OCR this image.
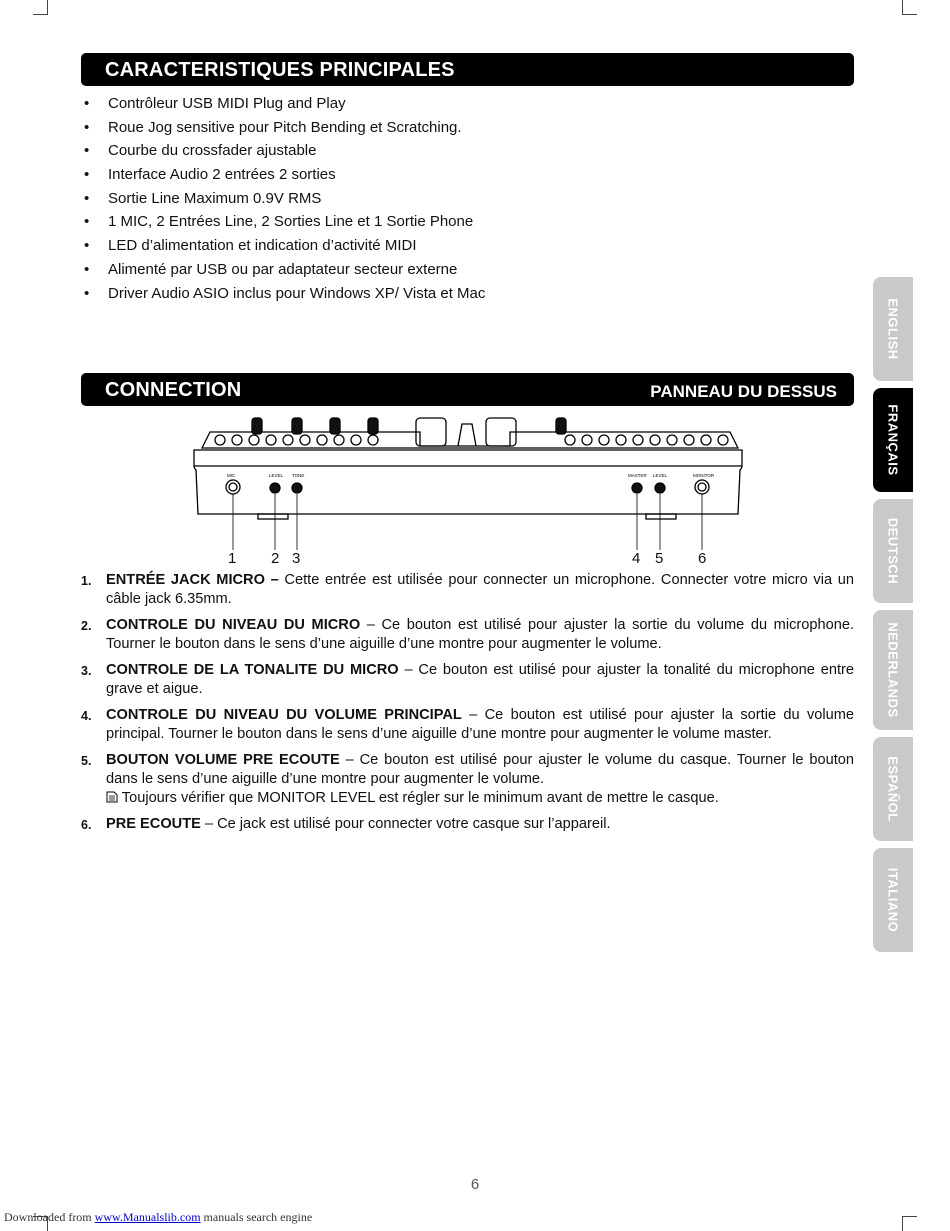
CARACTERISTIQUES PRINCIPALES
• Contrôleur USB MIDI Plug and Play
• Roue Jog sensitive pour Pitch Bending et Scratching.
• Courbe du crossfader ajustable
• Interface Audio 2 entrées 2 sorties
• Sortie Line Maximum 0.9V RMS
• 1 MIC, 2 Entrées Line, 2 Sorties Line et 1 Sortie Phone
• LED d’alimentation et indication d’activité MIDI
• Alimenté par USB ou par adaptateur secteur externe
• Driver Audio ASIO inclus pour Windows XP/ Vista et Mac
CONNECTION	PANNEAU DU DESSUS
MIC	LEVEL TONE	MASTER LEVEL	MONITOR
1 2 3	4 5 6
1. ENTRÉE JACK MICRO – Cette entrée est utilisée pour connecter un microphone. Connecter votre micro via un câble jack 6.35mm.
2. CONTROLE DU NIVEAU DU MICRO – Ce bouton est utilisé pour ajuster la sortie du volume du microphone. Tourner le bouton dans le sens d’une aiguille d’une montre pour augmenter le volume.
3. CONTROLE DE LA TONALITE DU MICRO – Ce bouton est utilisé pour ajuster la tonalité du microphone entre grave et aigue.
4. CONTROLE DU NIVEAU DU VOLUME PRINCIPAL – Ce bouton est utilisé pour ajuster la sortie du volume principal. Tourner le bouton dans le sens d’une aiguille d’une montre pour augmenter le volume master.
5. BOUTON VOLUME PRE ECOUTE – Ce bouton est utilisé pour ajuster le volume du casque. Tourner le bouton dans le sens d’une aiguille d’une montre pour augmenter le volume.
Toujours vérifier que MONITOR LEVEL est régler sur le minimum avant de mettre le casque.
6. PRE ECOUTE – Ce jack est utilisé pour connecter votre casque sur l’appareil.
ENGLISH
FRANÇAIS
DEUTSCH
NEDERLANDS
ESPAÑOL
ITALIANO
6
Downloaded from www.Manualslib.com manuals search engine
